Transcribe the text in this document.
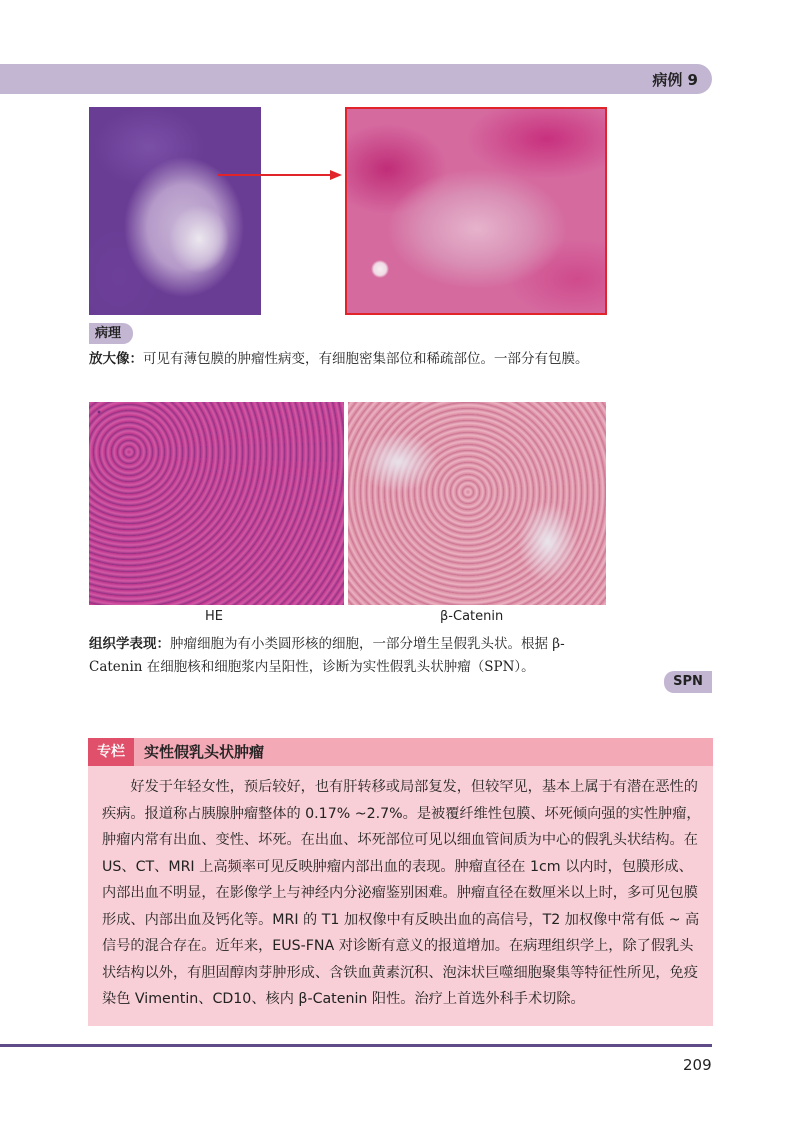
病例 9
病理
放大像：可见有薄包膜的肿瘤性病变，有细胞密集部位和稀疏部位。一部分有包膜。
HE	β-Catenin
组织学表现：肿瘤细胞为有小类圆形核的细胞，一部分增生呈假乳头状。根据 β-Catenin 在细胞核和细胞浆内呈阳性，诊断为实性假乳头状肿瘤（SPN）。
SPN
专栏	实性假乳头状肿瘤
好发于年轻女性，预后较好，也有肝转移或局部复发，但较罕见，基本上属于有潜在恶性的疾病。报道称占胰腺肿瘤整体的 0.17% ~2.7%。是被覆纤维性包膜、坏死倾向强的实性肿瘤，肿瘤内常有出血、变性、坏死。在出血、坏死部位可见以细血管间质为中心的假乳头状结构。在 US、CT、MRI 上高频率可见反映肿瘤内部出血的表现。肿瘤直径在 1cm 以内时，包膜形成、内部出血不明显，在影像学上与神经内分泌瘤鉴别困难。肿瘤直径在数厘米以上时，多可见包膜形成、内部出血及钙化等。MRI 的 T1 加权像中有反映出血的高信号，T2 加权像中常有低 ~ 高信号的混合存在。近年来，EUS-FNA 对诊断有意义的报道增加。在病理组织学上，除了假乳头状结构以外，有胆固醇肉芽肿形成、含铁血黄素沉积、泡沫状巨噬细胞聚集等特征性所见，免疫染色 Vimentin、CD10、核内 β-Catenin 阳性。治疗上首选外科手术切除。
209
